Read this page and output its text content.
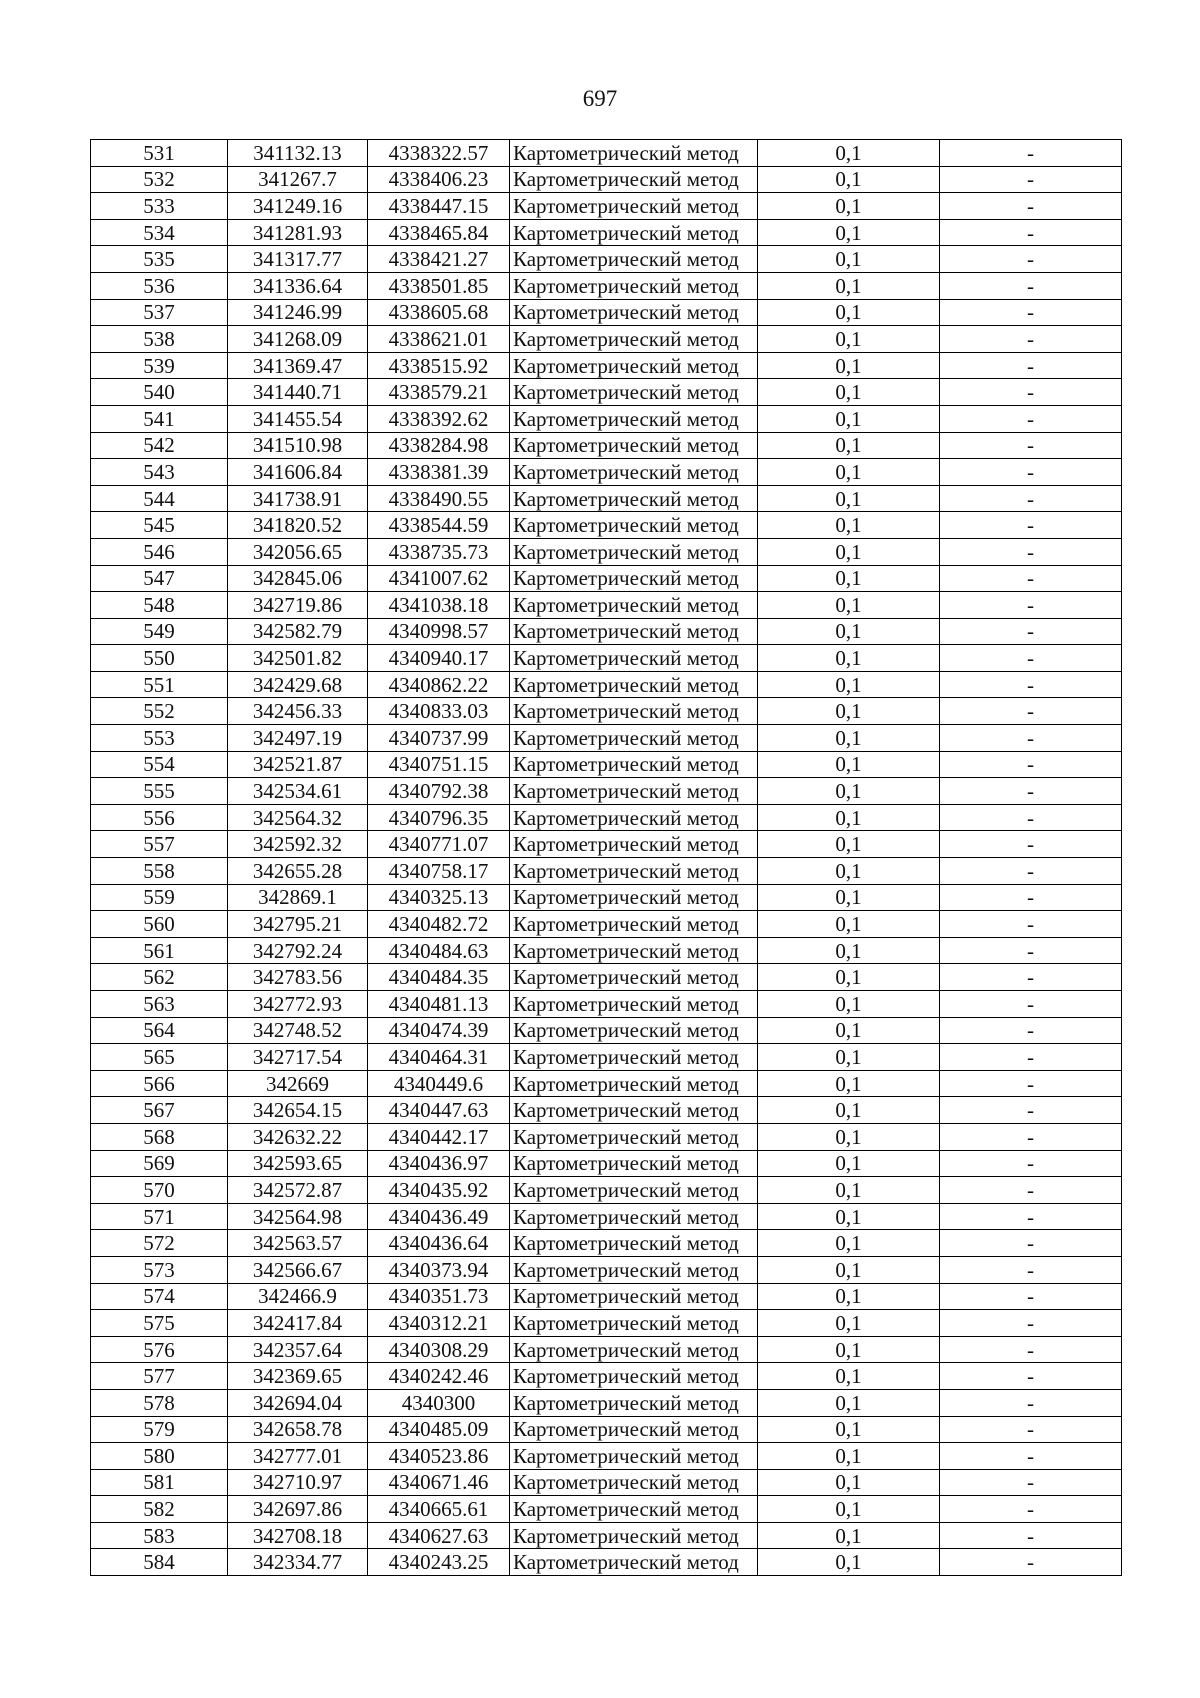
697
531	341132.13	4338322.57	Картометрический метод	0,1	-
532	341267.7	4338406.23	Картометрический метод	0,1	-
533	341249.16	4338447.15	Картометрический метод	0,1	-
534	341281.93	4338465.84	Картометрический метод	0,1	-
535	341317.77	4338421.27	Картометрический метод	0,1	-
536	341336.64	4338501.85	Картометрический метод	0,1	-
537	341246.99	4338605.68	Картометрический метод	0,1	-
538	341268.09	4338621.01	Картометрический метод	0,1	-
539	341369.47	4338515.92	Картометрический метод	0,1	-
540	341440.71	4338579.21	Картометрический метод	0,1	-
541	341455.54	4338392.62	Картометрический метод	0,1	-
542	341510.98	4338284.98	Картометрический метод	0,1	-
543	341606.84	4338381.39	Картометрический метод	0,1	-
544	341738.91	4338490.55	Картометрический метод	0,1	-
545	341820.52	4338544.59	Картометрический метод	0,1	-
546	342056.65	4338735.73	Картометрический метод	0,1	-
547	342845.06	4341007.62	Картометрический метод	0,1	-
548	342719.86	4341038.18	Картометрический метод	0,1	-
549	342582.79	4340998.57	Картометрический метод	0,1	-
550	342501.82	4340940.17	Картометрический метод	0,1	-
551	342429.68	4340862.22	Картометрический метод	0,1	-
552	342456.33	4340833.03	Картометрический метод	0,1	-
553	342497.19	4340737.99	Картометрический метод	0,1	-
554	342521.87	4340751.15	Картометрический метод	0,1	-
555	342534.61	4340792.38	Картометрический метод	0,1	-
556	342564.32	4340796.35	Картометрический метод	0,1	-
557	342592.32	4340771.07	Картометрический метод	0,1	-
558	342655.28	4340758.17	Картометрический метод	0,1	-
559	342869.1	4340325.13	Картометрический метод	0,1	-
560	342795.21	4340482.72	Картометрический метод	0,1	-
561	342792.24	4340484.63	Картометрический метод	0,1	-
562	342783.56	4340484.35	Картометрический метод	0,1	-
563	342772.93	4340481.13	Картометрический метод	0,1	-
564	342748.52	4340474.39	Картометрический метод	0,1	-
565	342717.54	4340464.31	Картометрический метод	0,1	-
566	342669	4340449.6	Картометрический метод	0,1	-
567	342654.15	4340447.63	Картометрический метод	0,1	-
568	342632.22	4340442.17	Картометрический метод	0,1	-
569	342593.65	4340436.97	Картометрический метод	0,1	-
570	342572.87	4340435.92	Картометрический метод	0,1	-
571	342564.98	4340436.49	Картометрический метод	0,1	-
572	342563.57	4340436.64	Картометрический метод	0,1	-
573	342566.67	4340373.94	Картометрический метод	0,1	-
574	342466.9	4340351.73	Картометрический метод	0,1	-
575	342417.84	4340312.21	Картометрический метод	0,1	-
576	342357.64	4340308.29	Картометрический метод	0,1	-
577	342369.65	4340242.46	Картометрический метод	0,1	-
578	342694.04	4340300	Картометрический метод	0,1	-
579	342658.78	4340485.09	Картометрический метод	0,1	-
580	342777.01	4340523.86	Картометрический метод	0,1	-
581	342710.97	4340671.46	Картометрический метод	0,1	-
582	342697.86	4340665.61	Картометрический метод	0,1	-
583	342708.18	4340627.63	Картометрический метод	0,1	-
584	342334.77	4340243.25	Картометрический метод	0,1	-
